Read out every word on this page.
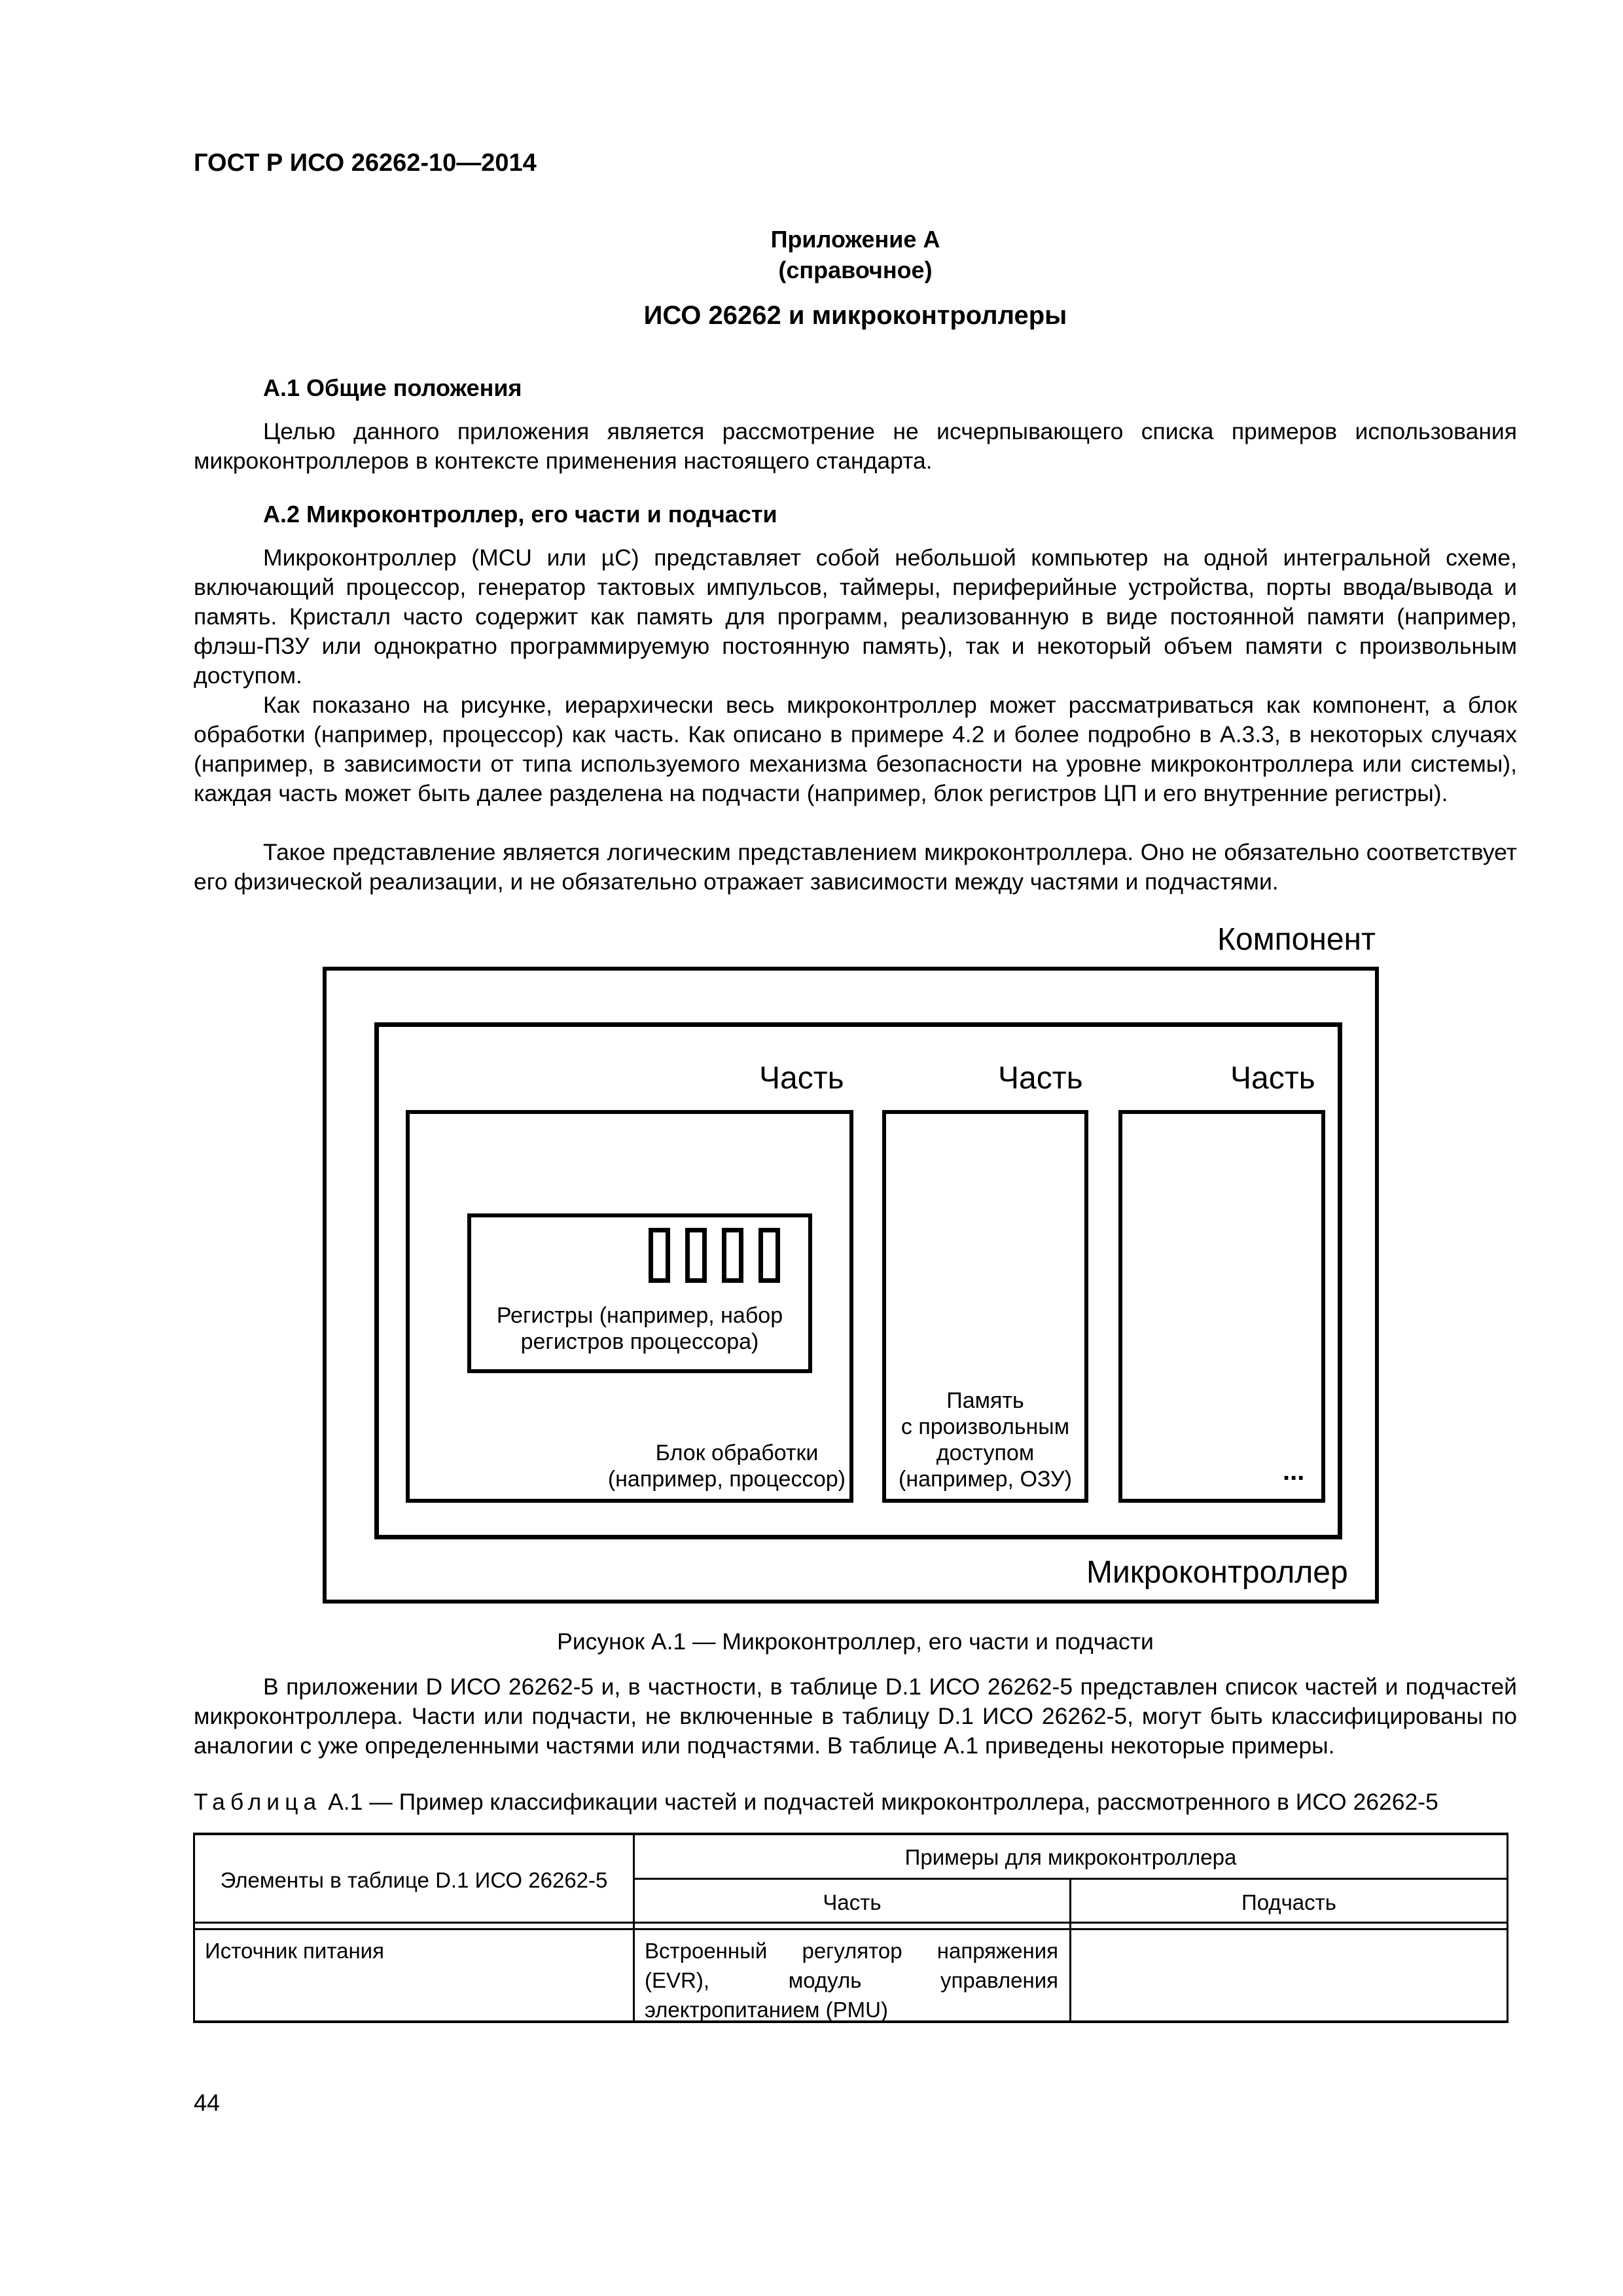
ГОСТ Р ИСО 26262-10—2014
Приложение A
(справочное)
ИСО 26262 и микроконтроллеры
A.1 Общие положения

Целью данного приложения является рассмотрение не исчерпывающего списка примеров использования микроконтроллеров в контексте применения настоящего стандарта.

A.2 Микроконтроллер, его части и подчасти

Микроконтроллер (MCU или µC) представляет собой небольшой компьютер на одной интегральной схеме, включающий процессор, генератор тактовых импульсов, таймеры, периферийные устройства, порты ввода/вывода и память. Кристалл часто содержит как память для программ, реализованную в виде постоянной памяти (например, флэш-ПЗУ или однократно программируемую постоянную память), так и некоторый объем памяти с произвольным доступом.

Как показано на рисунке, иерархически весь микроконтроллер может рассматриваться как компонент, а блок обработки (например, процессор) как часть. Как описано в примере 4.2 и более подробно в A.3.3, в некоторых случаях (например, в зависимости от типа используемого механизма безопасности на уровне микроконтроллера или системы), каждая часть может быть далее разделена на подчасти (например, блок регистров ЦП и его внутренние регистры).

Такое представление является логическим представлением микроконтроллера. Оно не обязательно соответствует его физической реализации, и не обязательно отражает зависимости между частями и подчастями.

Компонент
Часть	Часть	Часть
Регистры (например, набор
регистров процессора)
Блок обработки
(например, процессор)
Память
с произвольным
доступом
(например, ОЗУ)	...
Микроконтроллер
Рисунок A.1 — Микроконтроллер, его части и подчасти

В приложении D ИСО 26262-5 и, в частности, в таблице D.1 ИСО 26262-5 представлен список частей и подчастей микроконтроллера. Части или подчасти, не включенные в таблицу D.1 ИСО 26262-5, могут быть классифицированы по аналогии с уже определенными частями или подчастями. В таблице A.1 приведены некоторые примеры.

Таблица A.1 — Пример классификации частей и подчастей микроконтроллера, рассмотренного в ИСО 26262-5
Элементы в таблице D.1 ИСО 26262-5
Примеры для микроконтроллера
Часть	Подчасть
Источник питания	Встроенный регулятор напряжения (EVR), модуль управления электропитанием (PMU)
44
